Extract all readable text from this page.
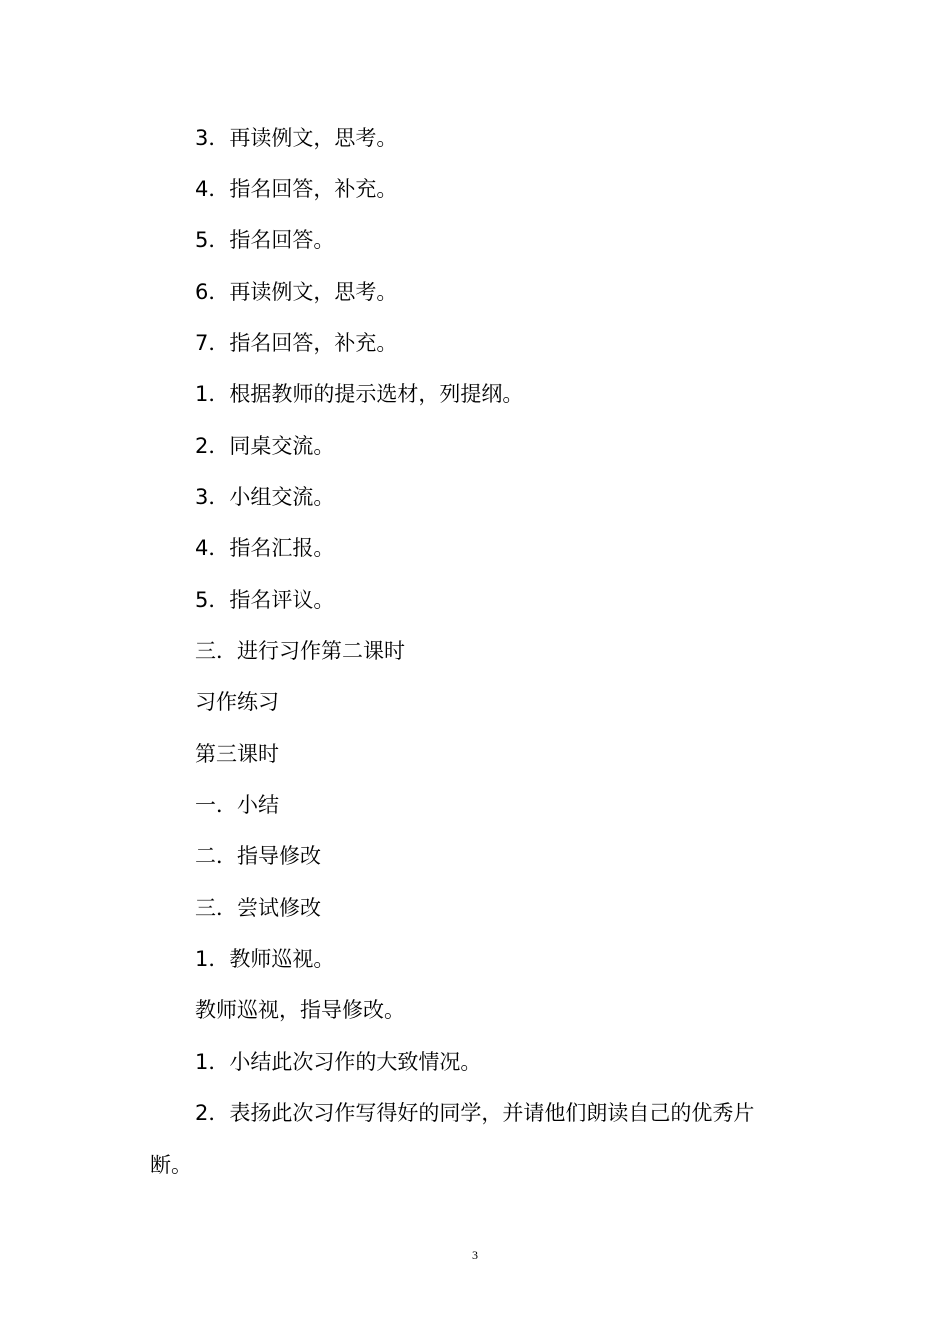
3．再读例文，思考。
4．指名回答，补充。
5．指名回答。
6．再读例文，思考。
7．指名回答，补充。
1．根据教师的提示选材，列提纲。
2．同桌交流。
3．小组交流。
4．指名汇报。
5．指名评议。
三．进行习作第二课时
习作练习
第三课时
一．小结
二．指导修改
三．尝试修改
1．教师巡视。
教师巡视，指导修改。
1．小结此次习作的大致情况。
2．表扬此次习作写得好的同学，并请他们朗读自己的优秀片
断。
3
